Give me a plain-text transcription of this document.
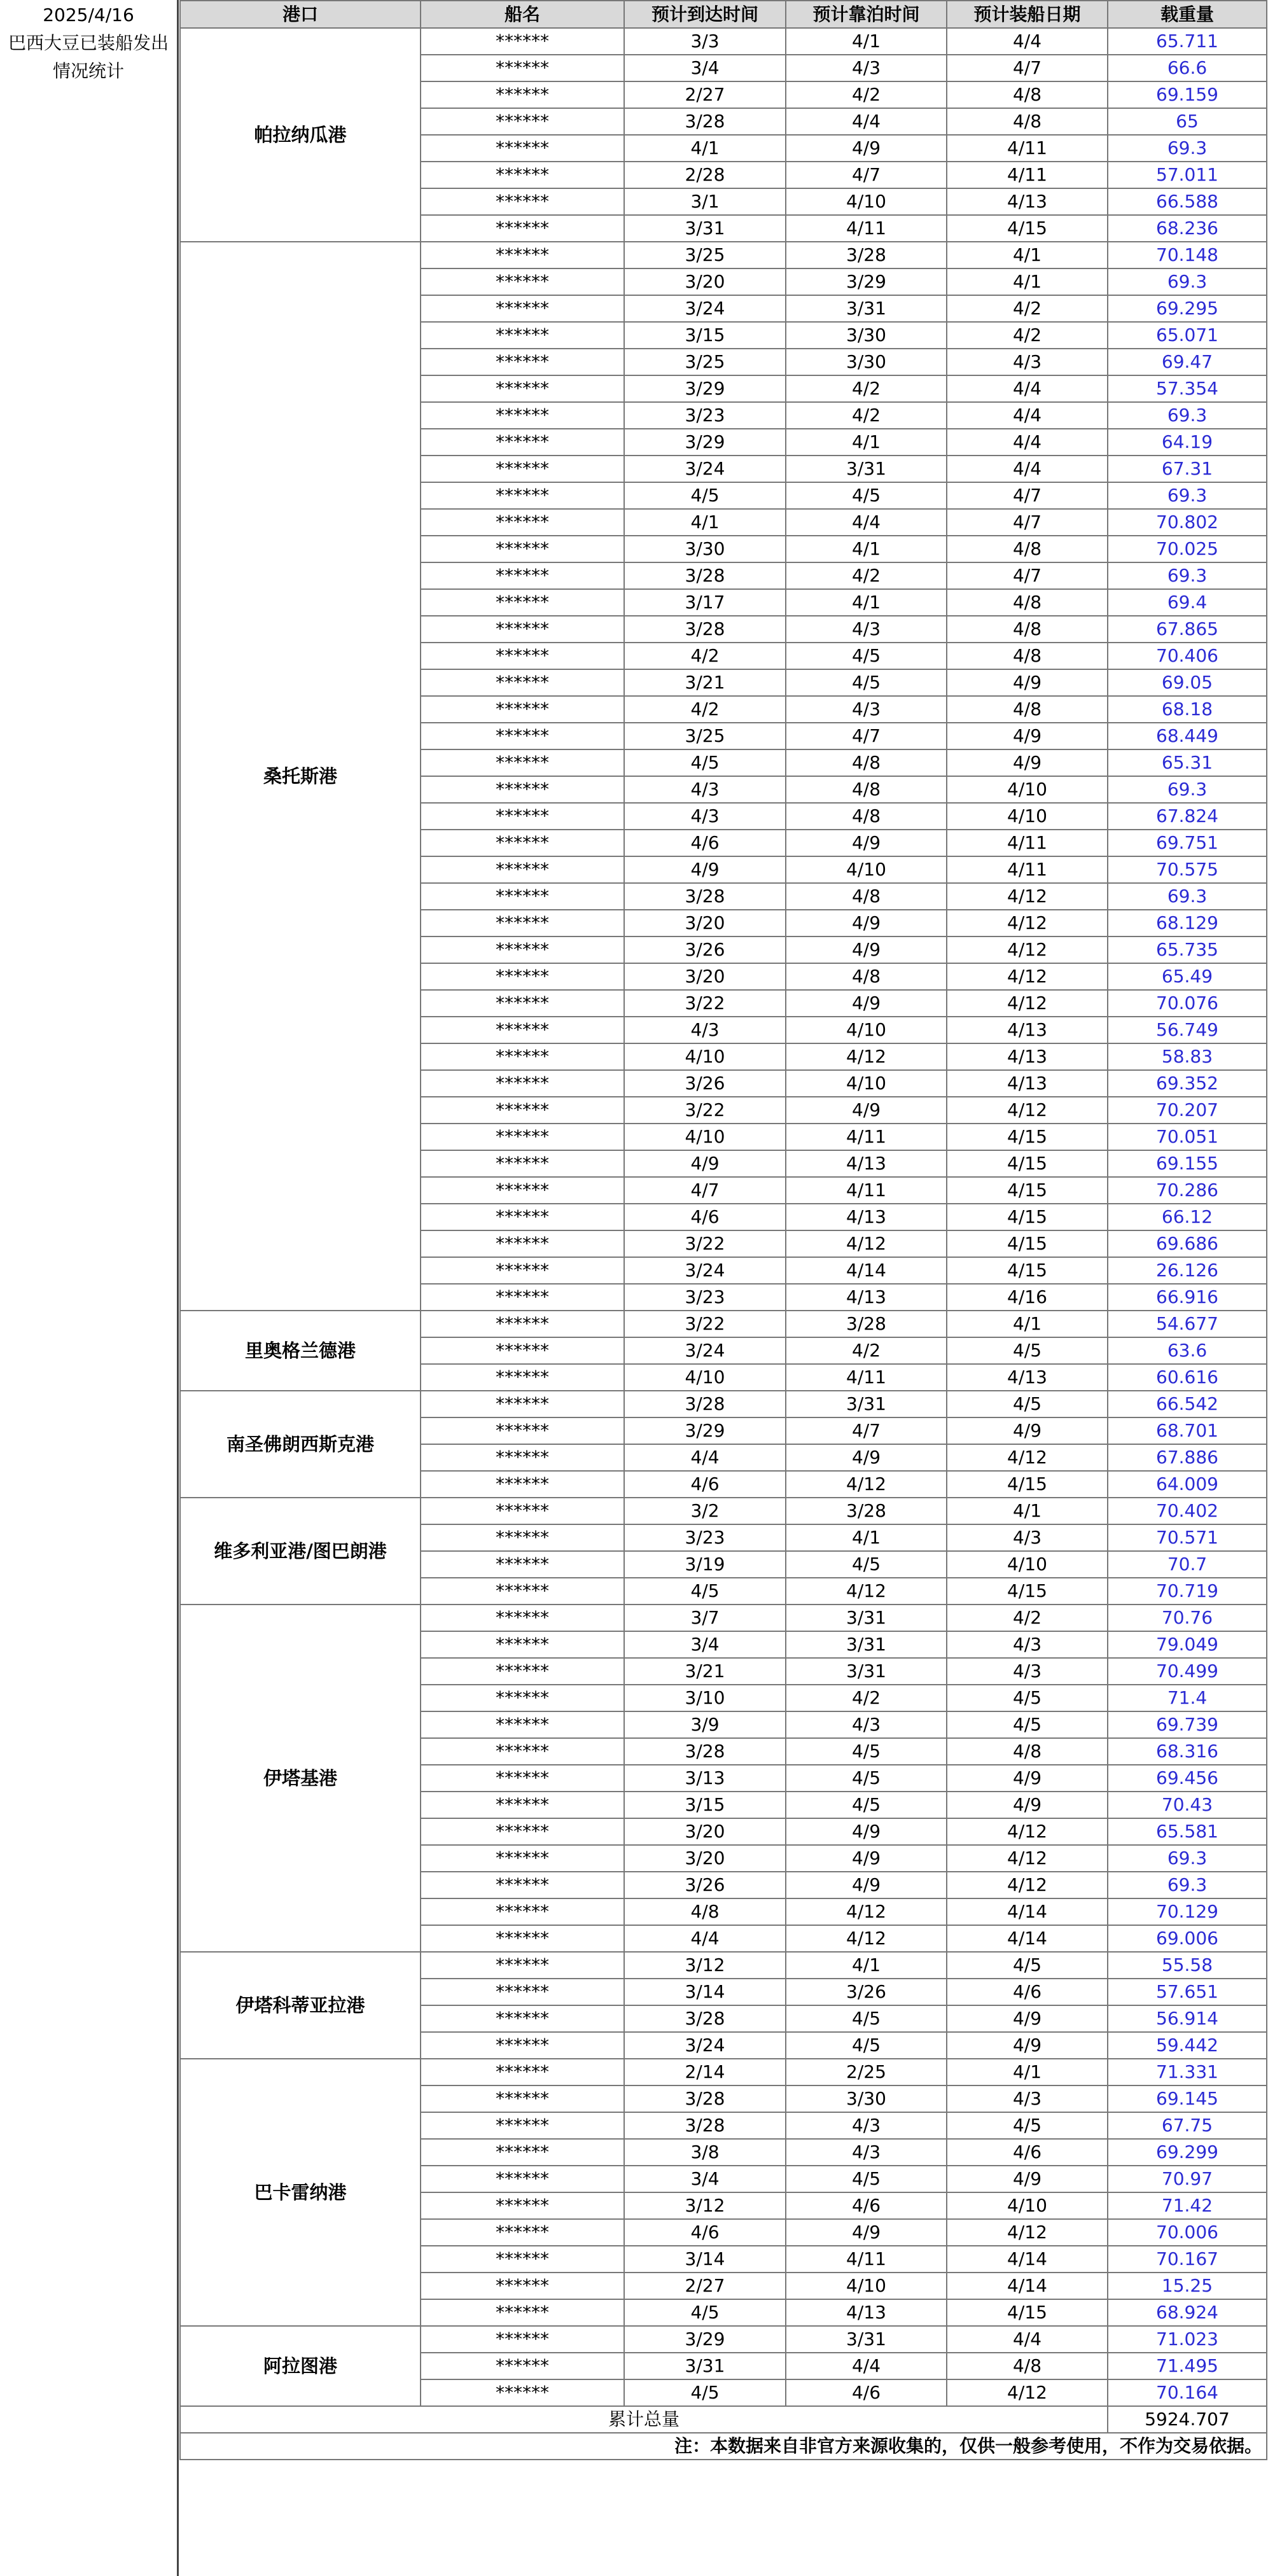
2025/4/16
巴西大豆已装船发出情况统计
港口	船名	预计到达时间	预计靠泊时间	预计装船日期	载重量
帕拉纳瓜港	******	3/3	4/1	4/4	65.711
	******	3/4	4/3	4/7	66.6
	******	2/27	4/2	4/8	69.159
	******	3/28	4/4	4/8	65
	******	4/1	4/9	4/11	69.3
	******	2/28	4/7	4/11	57.011
	******	3/1	4/10	4/13	66.588
	******	3/31	4/11	4/15	68.236
桑托斯港	******	3/25	3/28	4/1	70.148
	******	3/20	3/29	4/1	69.3
	******	3/24	3/31	4/2	69.295
	******	3/15	3/30	4/2	65.071
	******	3/25	3/30	4/3	69.47
	******	3/29	4/2	4/4	57.354
	******	3/23	4/2	4/4	69.3
	******	3/29	4/1	4/4	64.19
	******	3/24	3/31	4/4	67.31
	******	4/5	4/5	4/7	69.3
	******	4/1	4/4	4/7	70.802
	******	3/30	4/1	4/8	70.025
	******	3/28	4/2	4/7	69.3
	******	3/17	4/1	4/8	69.4
	******	3/28	4/3	4/8	67.865
	******	4/2	4/5	4/8	70.406
	******	3/21	4/5	4/9	69.05
	******	4/2	4/3	4/8	68.18
	******	3/25	4/7	4/9	68.449
	******	4/5	4/8	4/9	65.31
	******	4/3	4/8	4/10	69.3
	******	4/3	4/8	4/10	67.824
	******	4/6	4/9	4/11	69.751
	******	4/9	4/10	4/11	70.575
	******	3/28	4/8	4/12	69.3
	******	3/20	4/9	4/12	68.129
	******	3/26	4/9	4/12	65.735
	******	3/20	4/8	4/12	65.49
	******	3/22	4/9	4/12	70.076
	******	4/3	4/10	4/13	56.749
	******	4/10	4/12	4/13	58.83
	******	3/26	4/10	4/13	69.352
	******	3/22	4/9	4/12	70.207
	******	4/10	4/11	4/15	70.051
	******	4/9	4/13	4/15	69.155
	******	4/7	4/11	4/15	70.286
	******	4/6	4/13	4/15	66.12
	******	3/22	4/12	4/15	69.686
	******	3/24	4/14	4/15	26.126
	******	3/23	4/13	4/16	66.916
里奥格兰德港	******	3/22	3/28	4/1	54.677
	******	3/24	4/2	4/5	63.6
	******	4/10	4/11	4/13	60.616
南圣佛朗西斯克港	******	3/28	3/31	4/5	66.542
	******	3/29	4/7	4/9	68.701
	******	4/4	4/9	4/12	67.886
	******	4/6	4/12	4/15	64.009
维多利亚港/图巴朗港	******	3/2	3/28	4/1	70.402
	******	3/23	4/1	4/3	70.571
	******	3/19	4/5	4/10	70.7
	******	4/5	4/12	4/15	70.719
伊塔基港	******	3/7	3/31	4/2	70.76
	******	3/4	3/31	4/3	79.049
	******	3/21	3/31	4/3	70.499
	******	3/10	4/2	4/5	71.4
	******	3/9	4/3	4/5	69.739
	******	3/28	4/5	4/8	68.316
	******	3/13	4/5	4/9	69.456
	******	3/15	4/5	4/9	70.43
	******	3/20	4/9	4/12	65.581
	******	3/20	4/9	4/12	69.3
	******	3/26	4/9	4/12	69.3
	******	4/8	4/12	4/14	70.129
	******	4/4	4/12	4/14	69.006
伊塔科蒂亚拉港	******	3/12	4/1	4/5	55.58
	******	3/14	3/26	4/6	57.651
	******	3/28	4/5	4/9	56.914
	******	3/24	4/5	4/9	59.442
巴卡雷纳港	******	2/14	2/25	4/1	71.331
	******	3/28	3/30	4/3	69.145
	******	3/28	4/3	4/5	67.75
	******	3/8	4/3	4/6	69.299
	******	3/4	4/5	4/9	70.97
	******	3/12	4/6	4/10	71.42
	******	4/6	4/9	4/12	70.006
	******	3/14	4/11	4/14	70.167
	******	2/27	4/10	4/14	15.25
	******	4/5	4/13	4/15	68.924
阿拉图港	******	3/29	3/31	4/4	71.023
	******	3/31	4/4	4/8	71.495
	******	4/5	4/6	4/12	70.164
累计总量					5924.707
注：本数据来自非官方来源收集的，仅供一般参考使用，不作为交易依据。					
